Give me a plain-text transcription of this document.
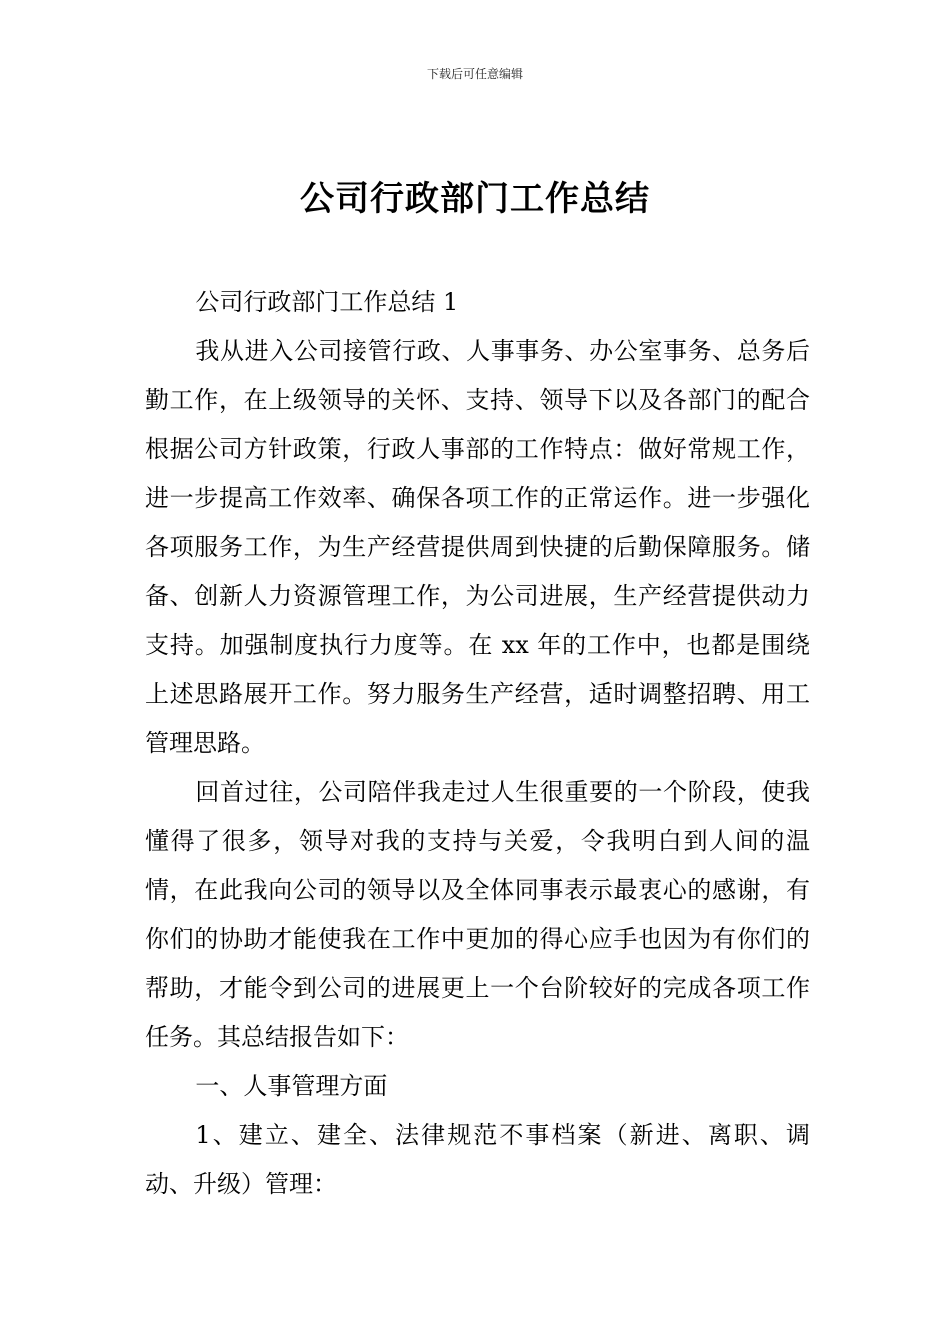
下载后可任意编辑
公司行政部门工作总结

公司行政部门工作总结 1

我从进入公司接管行政、人事事务、办公室事务、总务后勤工作，在上级领导的关怀、支持、领导下以及各部门的配合根据公司方针政策，行政人事部的工作特点：做好常规工作，进一步提高工作效率、确保各项工作的正常运作。进一步强化各项服务工作，为生产经营提供周到快捷的后勤保障服务。储备、创新人力资源管理工作，为公司进展，生产经营提供动力支持。加强制度执行力度等。在 xx 年的工作中，也都是围绕上述思路展开工作。努力服务生产经营，适时调整招聘、用工管理思路。

回首过往，公司陪伴我走过人生很重要的一个阶段，使我懂得了很多，领导对我的支持与关爱，令我明白到人间的温情，在此我向公司的领导以及全体同事表示最衷心的感谢，有你们的协助才能使我在工作中更加的得心应手也因为有你们的帮助，才能令到公司的进展更上一个台阶较好的完成各项工作任务。其总结报告如下：

一、人事管理方面

1、建立、建全、法律规范不事档案（新进、离职、调动、升级）管理：
